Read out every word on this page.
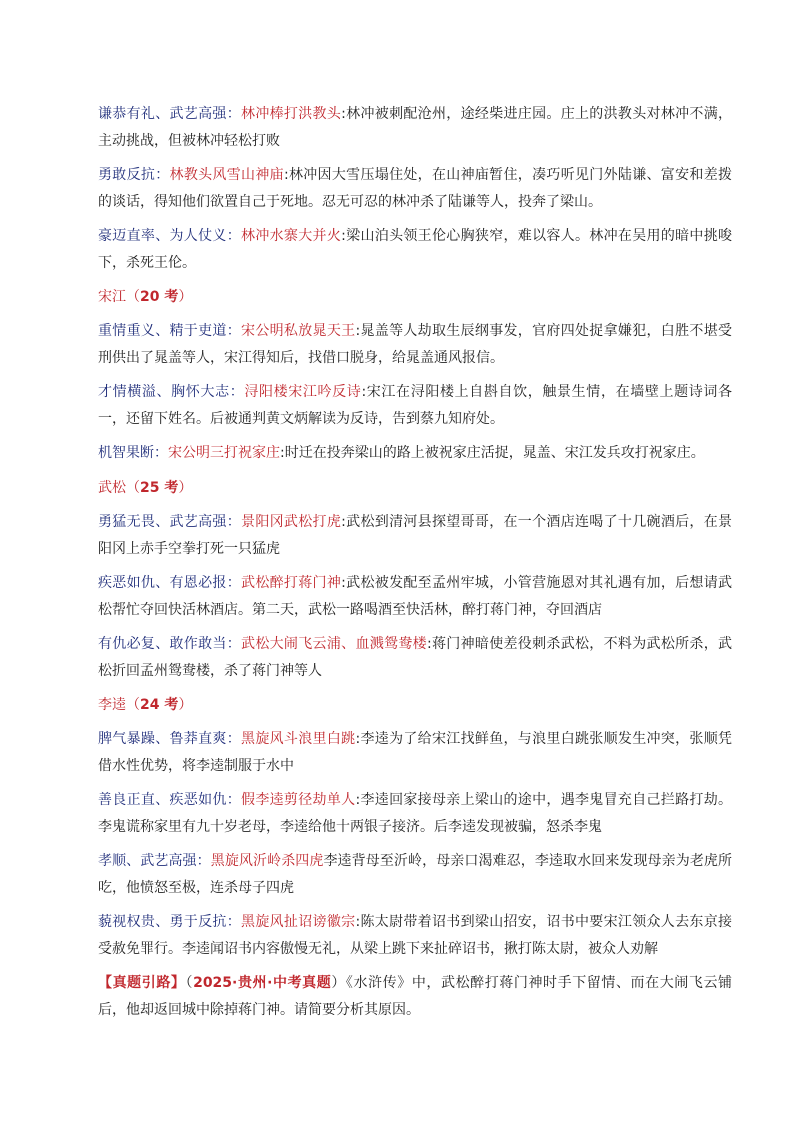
谦恭有礼、武艺高强：林冲棒打洪教头:林冲被刺配沧州，途经柴进庄园。庄上的洪教头对林冲不满，主动挑战，但被林冲轻松打败

勇敢反抗：林教头风雪山神庙:林冲因大雪压塌住处，在山神庙暂住，凑巧听见门外陆谦、富安和差拨的谈话，得知他们欲置自己于死地。忍无可忍的林冲杀了陆谦等人，投奔了梁山。

豪迈直率、为人仗义：林冲水寨大并火:梁山泊头领王伦心胸狭窄，难以容人。林冲在吴用的暗中挑唆下，杀死王伦。

宋江（20 考）

重情重义、精于吏道：宋公明私放晁天王:晁盖等人劫取生辰纲事发，官府四处捉拿嫌犯，白胜不堪受刑供出了晁盖等人，宋江得知后，找借口脱身，给晁盖通风报信。

才情横溢、胸怀大志：浔阳楼宋江吟反诗:宋江在浔阳楼上自斟自饮，触景生情，在墙壁上题诗词各一，还留下姓名。后被通判黄文炳解读为反诗，告到蔡九知府处。

机智果断：宋公明三打祝家庄:时迁在投奔梁山的路上被祝家庄活捉，晁盖、宋江发兵攻打祝家庄。

武松（25 考）

勇猛无畏、武艺高强：景阳冈武松打虎:武松到清河县探望哥哥，在一个酒店连喝了十几碗酒后，在景阳冈上赤手空拳打死一只猛虎

疾恶如仇、有恩必报：武松醉打蒋门神:武松被发配至孟州牢城，小管营施恩对其礼遇有加，后想请武松帮忙夺回快活林酒店。第二天，武松一路喝酒至快活林，醉打蒋门神，夺回酒店

有仇必复、敢作敢当：武松大闹飞云浦、血溅鸳鸯楼:蒋门神暗使差役刺杀武松，不料为武松所杀，武松折回孟州鸳鸯楼，杀了蒋门神等人

李逵（24 考）

脾气暴躁、鲁莽直爽：黑旋风斗浪里白跳:李逵为了给宋江找鲜鱼，与浪里白跳张顺发生冲突，张顺凭借水性优势，将李逵制服于水中

善良正直、疾恶如仇：假李逵剪径劫单人:李逵回家接母亲上梁山的途中，遇李鬼冒充自己拦路打劫。李鬼谎称家里有九十岁老母，李逵给他十两银子接济。后李逵发现被骗，怒杀李鬼

孝顺、武艺高强：黑旋风沂岭杀四虎李逵背母至沂岭，母亲口渴难忍，李逵取水回来发现母亲为老虎所吃，他愤怒至极，连杀母子四虎

藐视权贵、勇于反抗：黑旋风扯诏谤徽宗:陈太尉带着诏书到梁山招安，诏书中要宋江领众人去东京接受赦免罪行。李逵闻诏书内容傲慢无礼，从梁上跳下来扯碎诏书，揪打陈太尉，被众人劝解

【真题引路】（2025·贵州·中考真题）《水浒传》中，武松醉打蒋门神时手下留情、而在大闹飞云铺后，他却返回城中除掉蒋门神。请简要分析其原因。
